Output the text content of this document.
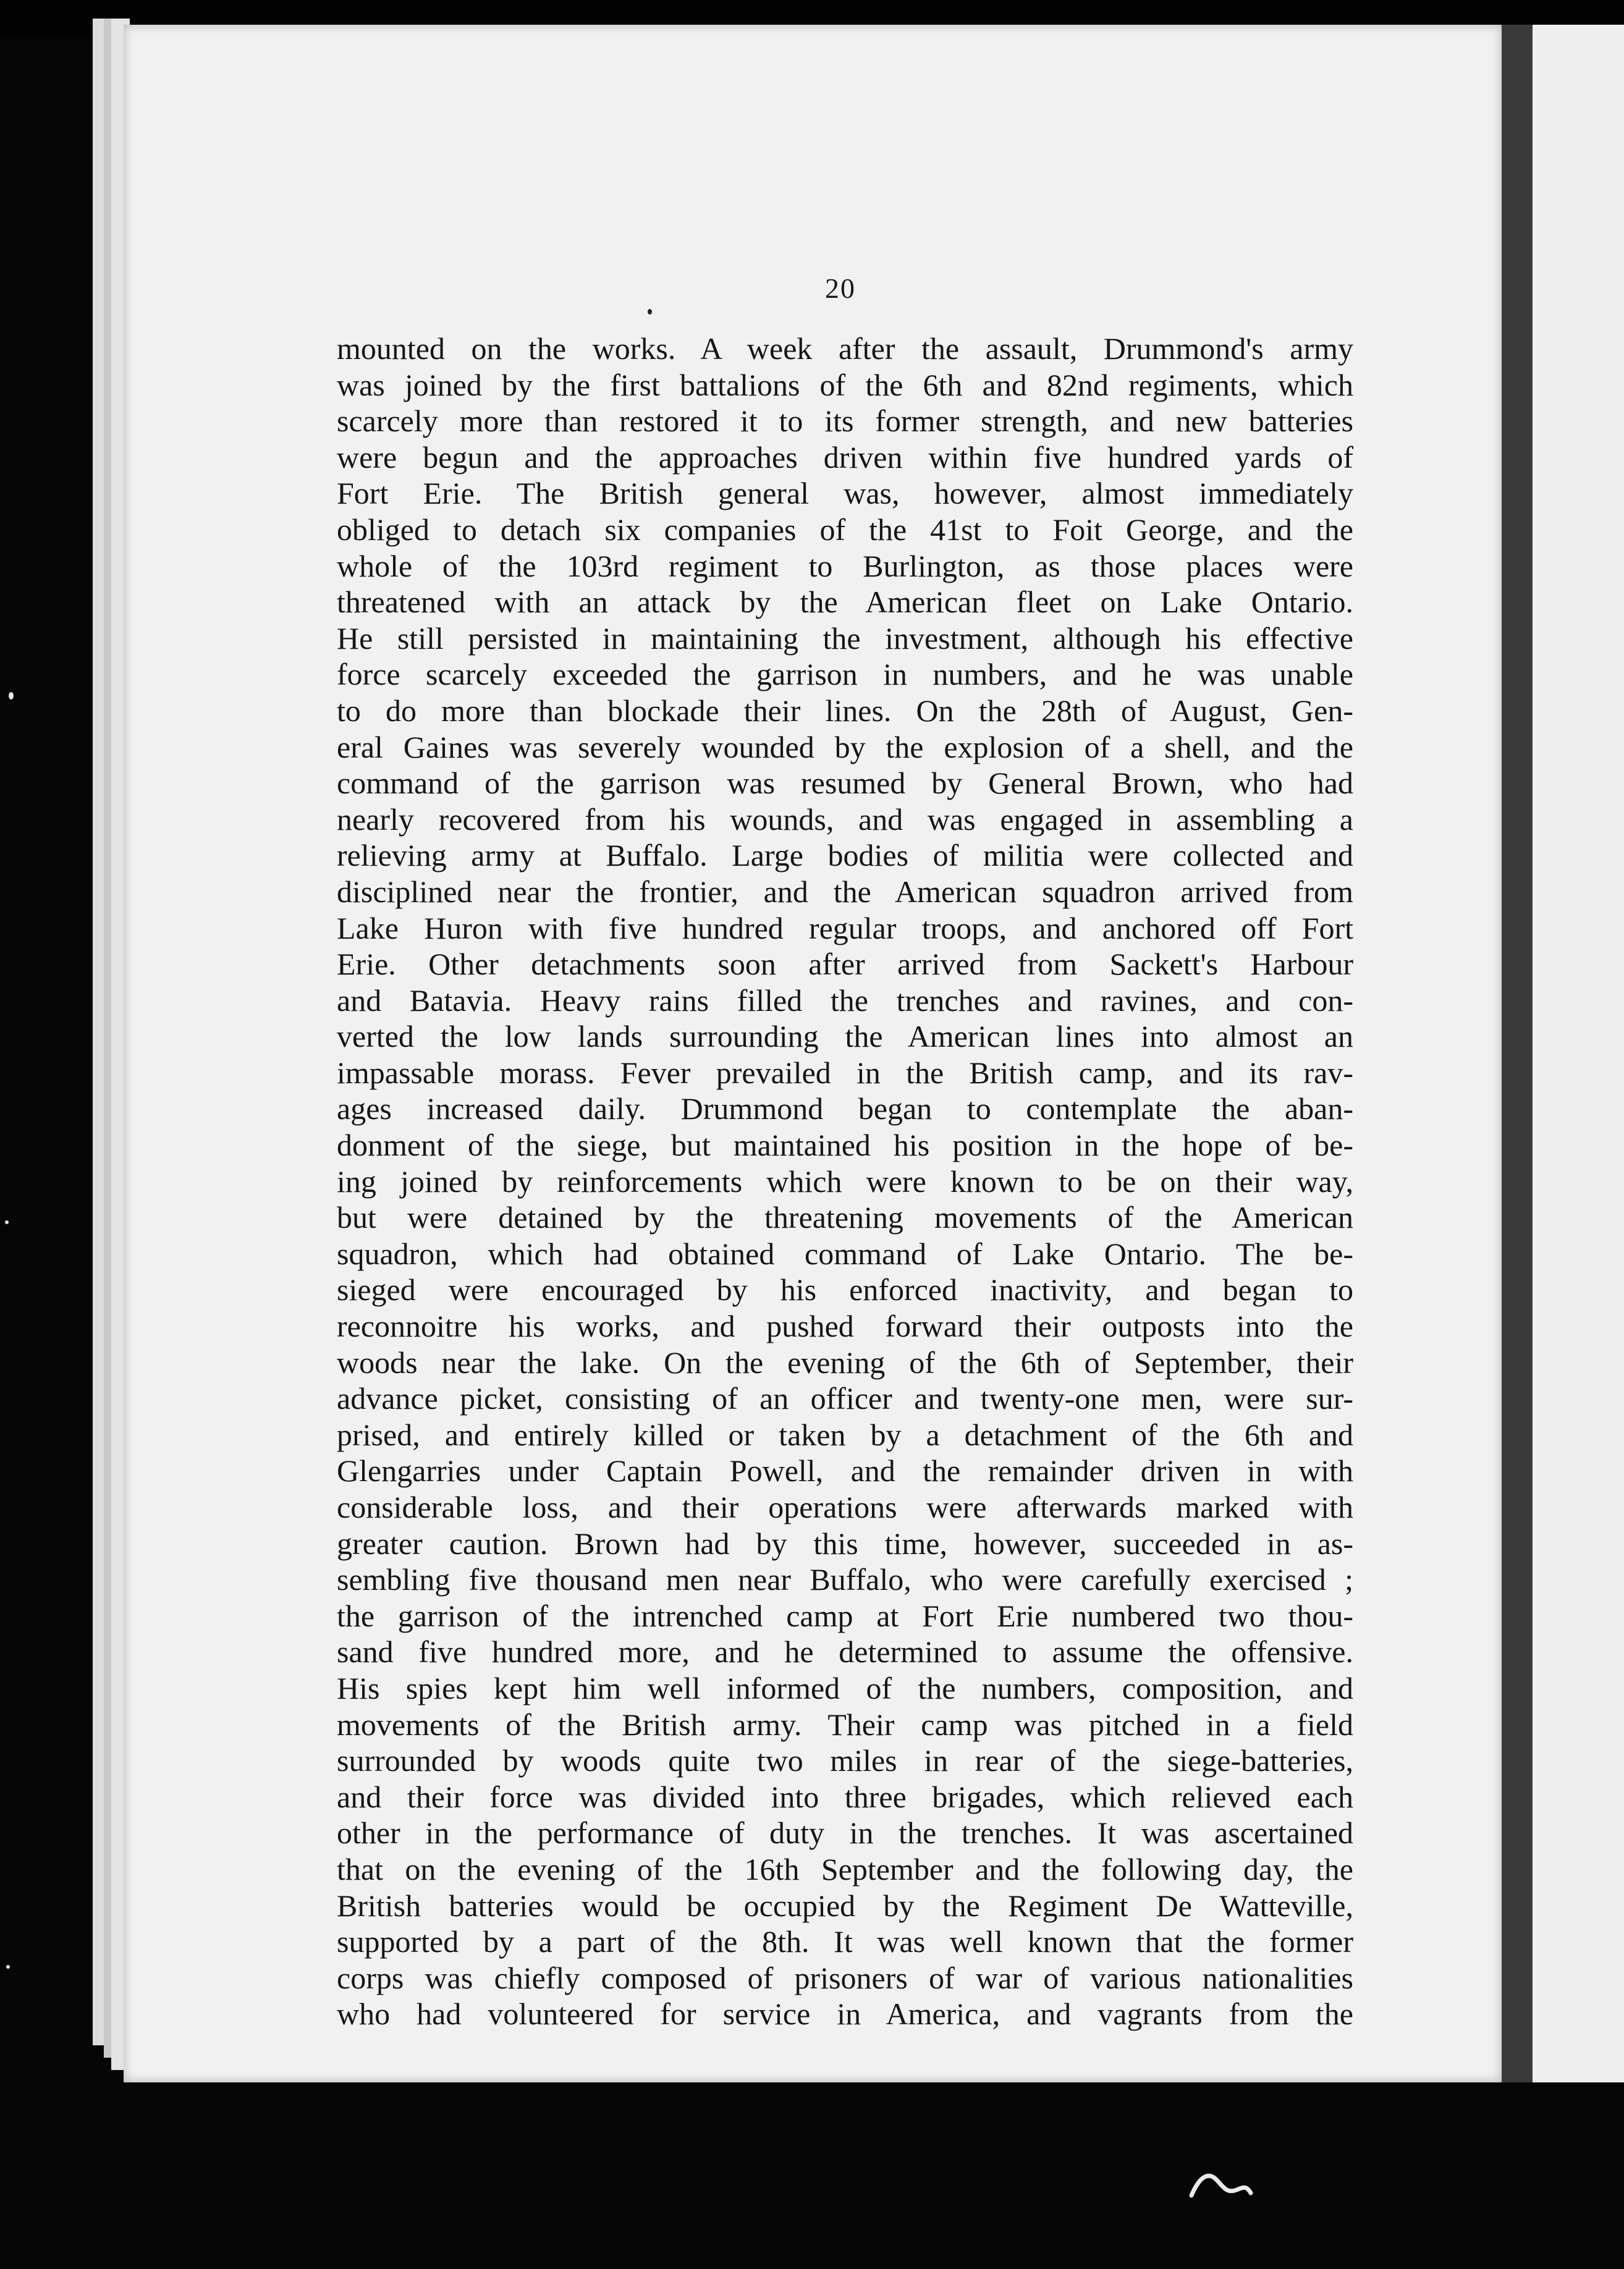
20
mounted on the works. A week after the assault, Drummond's army
was joined by the first battalions of the 6th and 82nd regiments, which
scarcely more than restored it to its former strength, and new batteries
were begun and the approaches driven within five hundred yards of
Fort Erie. The British general was, however, almost immediately
obliged to detach six companies of the 41st to Foit George, and the
whole of the 103rd regiment to Burlington, as those places were
threatened with an attack by the American fleet on Lake Ontario.
He still persisted in maintaining the investment, although his effective
force scarcely exceeded the garrison in numbers, and he was unable
to do more than blockade their lines. On the 28th of August, Gen-
eral Gaines was severely wounded by the explosion of a shell, and the
command of the garrison was resumed by General Brown, who had
nearly recovered from his wounds, and was engaged in assembling a
relieving army at Buffalo. Large bodies of militia were collected and
disciplined near the frontier, and the American squadron arrived from
Lake Huron with five hundred regular troops, and anchored off Fort
Erie. Other detachments soon after arrived from Sackett's Harbour
and Batavia. Heavy rains filled the trenches and ravines, and con-
verted the low lands surrounding the American lines into almost an
impassable morass. Fever prevailed in the British camp, and its rav-
ages increased daily. Drummond began to contemplate the aban-
donment of the siege, but maintained his position in the hope of be-
ing joined by reinforcements which were known to be on their way,
but were detained by the threatening movements of the American
squadron, which had obtained command of Lake Ontario. The be-
sieged were encouraged by his enforced inactivity, and began to
reconnoitre his works, and pushed forward their outposts into the
woods near the lake. On the evening of the 6th of September, their
advance picket, consisting of an officer and twenty-one men, were sur-
prised, and entirely killed or taken by a detachment of the 6th and
Glengarries under Captain Powell, and the remainder driven in with
considerable loss, and their operations were afterwards marked with
greater caution. Brown had by this time, however, succeeded in as-
sembling five thousand men near Buffalo, who were carefully exercised ;
the garrison of the intrenched camp at Fort Erie numbered two thou-
sand five hundred more, and he determined to assume the offensive.
His spies kept him well informed of the numbers, composition, and
movements of the British army. Their camp was pitched in a field
surrounded by woods quite two miles in rear of the siege-batteries,
and their force was divided into three brigades, which relieved each
other in the performance of duty in the trenches. It was ascertained
that on the evening of the 16th September and the following day, the
British batteries would be occupied by the Regiment De Watteville,
supported by a part of the 8th. It was well known that the former
corps was chiefly composed of prisoners of war of various nationalities
who had volunteered for service in America, and vagrants from the
